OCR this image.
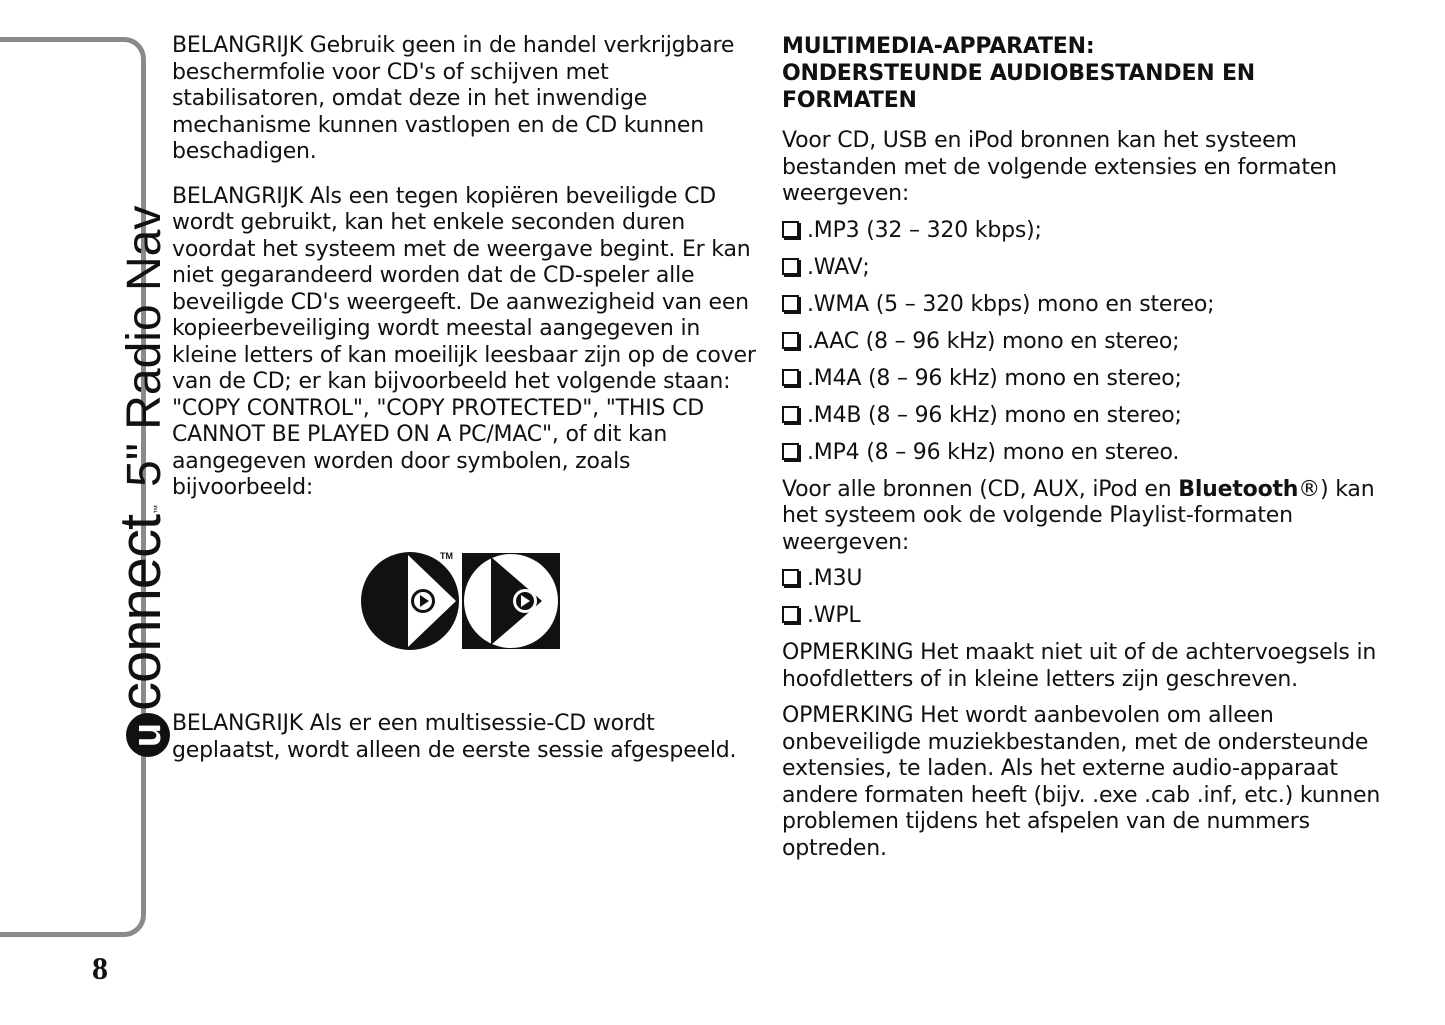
u
connect
™
5" Radio Nav
8

BELANGRIJK Gebruik geen in de handel verkrijgbare beschermfolie voor CD's of schijven met stabilisatoren, omdat deze in het inwendige mechanisme kunnen vastlopen en de CD kunnen beschadigen.

BELANGRIJK Als een tegen kopiëren beveiligde CD wordt gebruikt, kan het enkele seconden duren voordat het systeem met de weergave begint. Er kan niet gegarandeerd worden dat de CD-speler alle beveiligde CD's weergeeft. De aanwezigheid van een kopieerbeveiliging wordt meestal aangegeven in kleine letters of kan moeilijk leesbaar zijn op de cover van de CD; er kan bijvoorbeeld het volgende staan: "COPY CONTROL", "COPY PROTECTED", "THIS CD CANNOT BE PLAYED ON A PC/MAC", of dit kan aangegeven worden door symbolen, zoals bijvoorbeeld:

TM	TM

BELANGRIJK Als er een multisessie-CD wordt geplaatst, wordt alleen de eerste sessie afgespeeld.

MULTIMEDIA-APPARATEN:
ONDERSTEUNDE AUDIOBESTANDEN EN
FORMATEN

Voor CD, USB en iPod bronnen kan het systeem bestanden met de volgende extensies en formaten weergeven:

.MP3 (32 – 320 kbps);
.WAV;
.WMA (5 – 320 kbps) mono en stereo;
.AAC (8 – 96 kHz) mono en stereo;
.M4A (8 – 96 kHz) mono en stereo;
.M4B (8 – 96 kHz) mono en stereo;
.MP4 (8 – 96 kHz) mono en stereo.

Voor alle bronnen (CD, AUX, iPod en Bluetooth®) kan het systeem ook de volgende Playlist-formaten weergeven:

.M3U
.WPL

OPMERKING Het maakt niet uit of de achtervoegsels in hoofdletters of in kleine letters zijn geschreven.

OPMERKING Het wordt aanbevolen om alleen onbeveiligde muziekbestanden, met de ondersteunde extensies, te laden. Als het externe audio-apparaat andere formaten heeft (bijv. .exe .cab .inf, etc.) kunnen problemen tijdens het afspelen van de nummers optreden.
